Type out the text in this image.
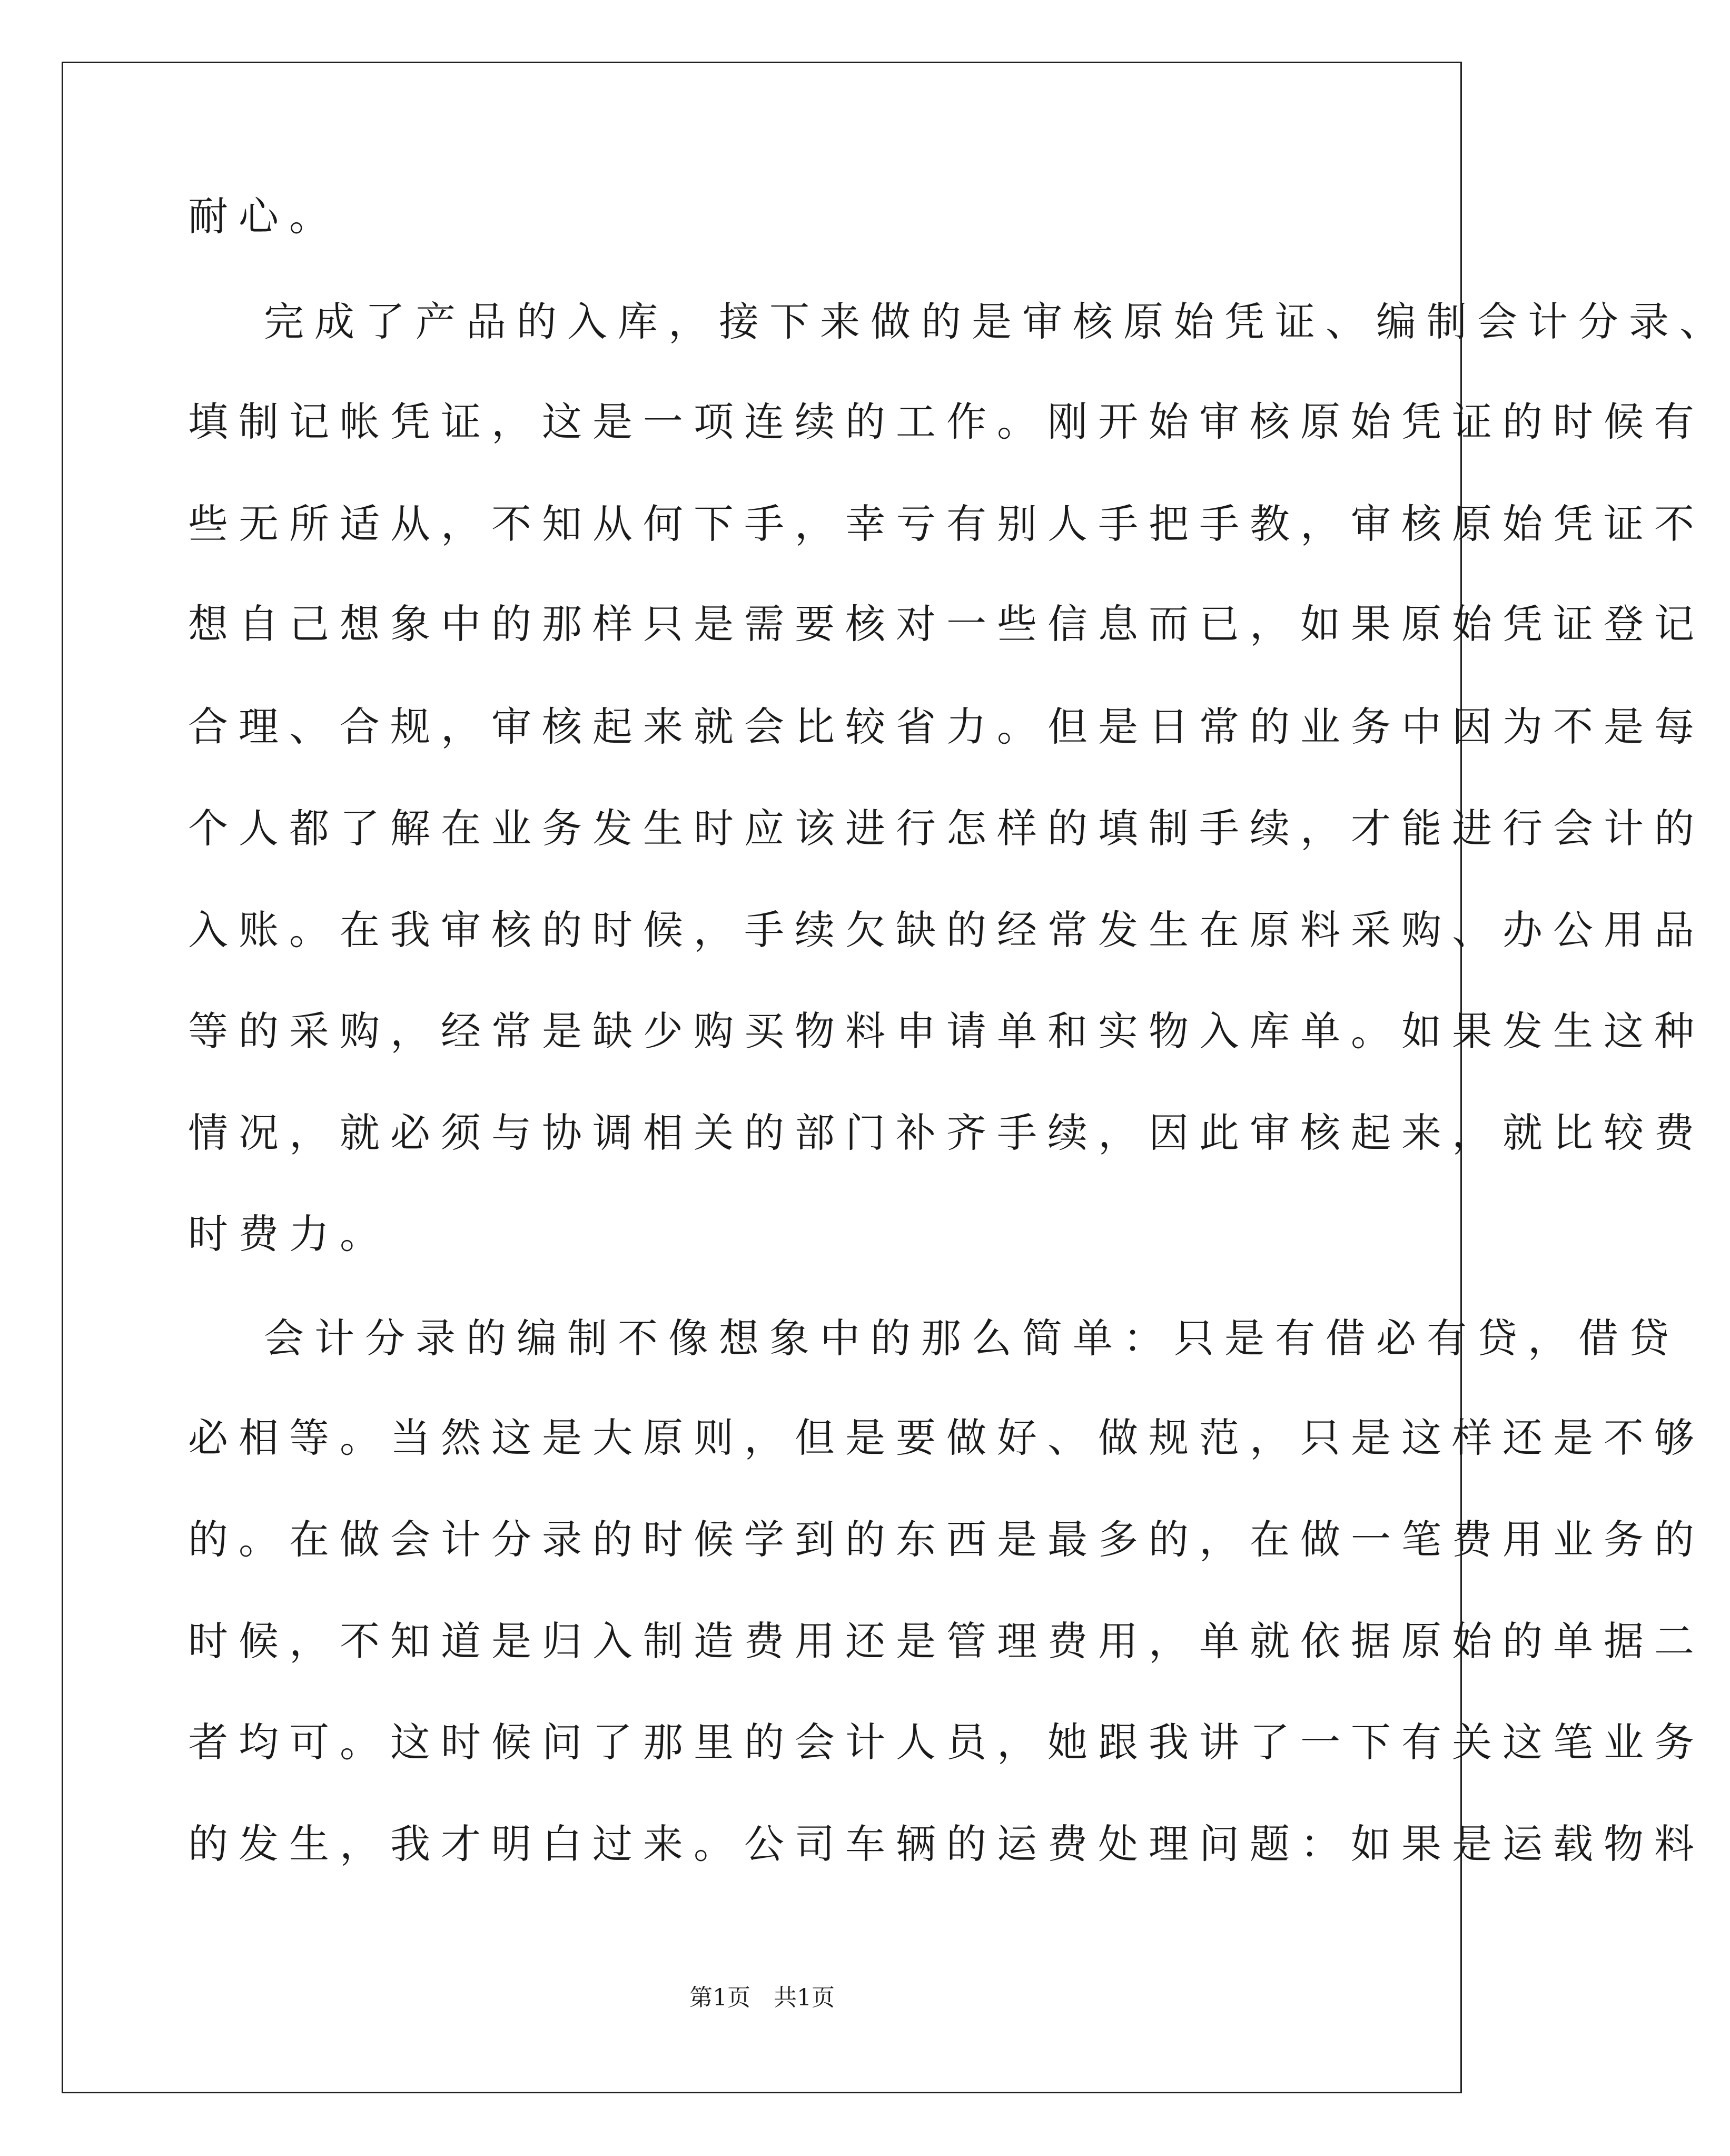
耐心。
完成了产品的入库，接下来做的是审核原始凭证、编制会计分录、
填制记帐凭证，这是一项连续的工作。刚开始审核原始凭证的时候有
些无所适从，不知从何下手，幸亏有别人手把手教，审核原始凭证不
想自己想象中的那样只是需要核对一些信息而已，如果原始凭证登记
合理、合规，审核起来就会比较省力。但是日常的业务中因为不是每
个人都了解在业务发生时应该进行怎样的填制手续，才能进行会计的
入账。在我审核的时候，手续欠缺的经常发生在原料采购、办公用品
等的采购，经常是缺少购买物料申请单和实物入库单。如果发生这种
情况，就必须与协调相关的部门补齐手续，因此审核起来，就比较费
时费力。
会计分录的编制不像想象中的那么简单：只是有借必有贷，借贷
必相等。当然这是大原则，但是要做好、做规范，只是这样还是不够
的。在做会计分录的时候学到的东西是最多的，在做一笔费用业务的
时候，不知道是归入制造费用还是管理费用，单就依据原始的单据二
者均可。这时候问了那里的会计人员，她跟我讲了一下有关这笔业务
的发生，我才明白过来。公司车辆的运费处理问题：如果是运载物料
第1页 共1页
